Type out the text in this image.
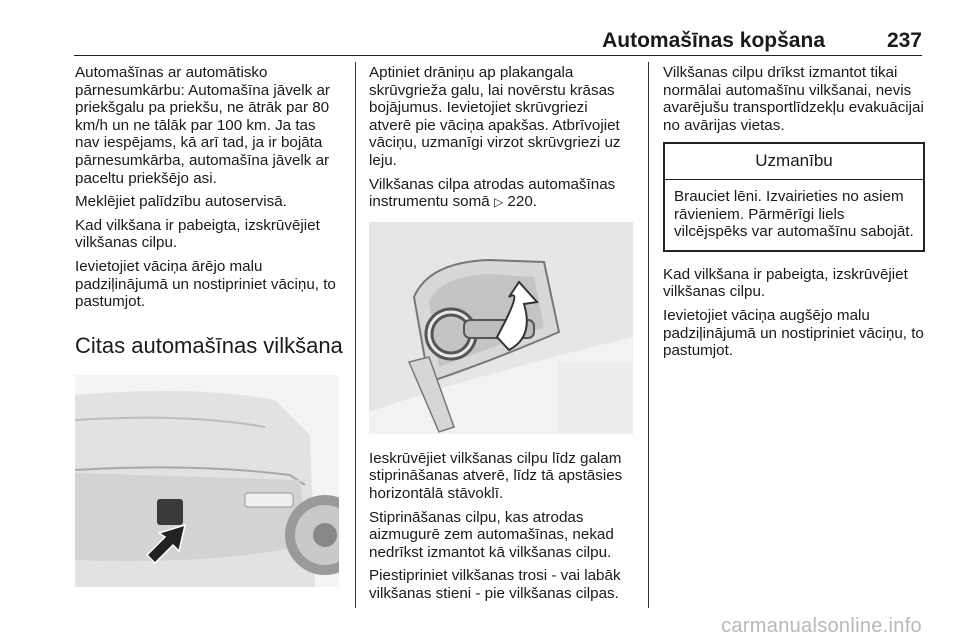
Automašīnas kopšana	237

Automašīnas ar automātisko pārnesumkārbu: Automašīna jāvelk ar priekšgalu pa priekšu, ne ātrāk par 80 km/h un ne tālāk par 100 km. Ja tas nav iespējams, kā arī tad, ja ir bojāta pārnesumkārba, automašīna jāvelk ar paceltu priekšējo asi.

Meklējiet palīdzību autoservisā.

Kad vilkšana ir pabeigta, izskrūvējiet vilkšanas cilpu.

Ievietojiet vāciņa ārējo malu padziļinājumā un nostipriniet vāciņu, to pastumjot.

Citas automašīnas vilkšana

Aptiniet drāniņu ap plakangala skrūvgrieža galu, lai novērstu krāsas bojājumus. Ievietojiet skrūvgriezi atverē pie vāciņa apakšas. Atbrīvojiet vāciņu, uzmanīgi virzot skrūvgriezi uz leju.

Vilkšanas cilpa atrodas automašīnas instrumentu somā ▷ 220.

Ieskrūvējiet vilkšanas cilpu līdz galam stiprināšanas atverē, līdz tā apstāsies horizontālā stāvoklī.

Stiprināšanas cilpu, kas atrodas aizmugurē zem automašīnas, nekad nedrīkst izmantot kā vilkšanas cilpu.

Piestipriniet vilkšanas trosi - vai labāk vilkšanas stieni - pie vilkšanas cilpas.

Vilkšanas cilpu drīkst izmantot tikai normālai automašīnu vilkšanai, nevis avarējušu transportlīdzekļu evakuācijai no avārijas vietas.

Uzmanību
Brauciet lēni. Izvairieties no asiem rāvieniem. Pārmērīgi liels vilcējspēks var automašīnu sabojāt.

Kad vilkšana ir pabeigta, izskrūvējiet vilkšanas cilpu.

Ievietojiet vāciņa augšējo malu padziļinājumā un nostipriniet vāciņu, to pastumjot.

carmanualsonline.info
